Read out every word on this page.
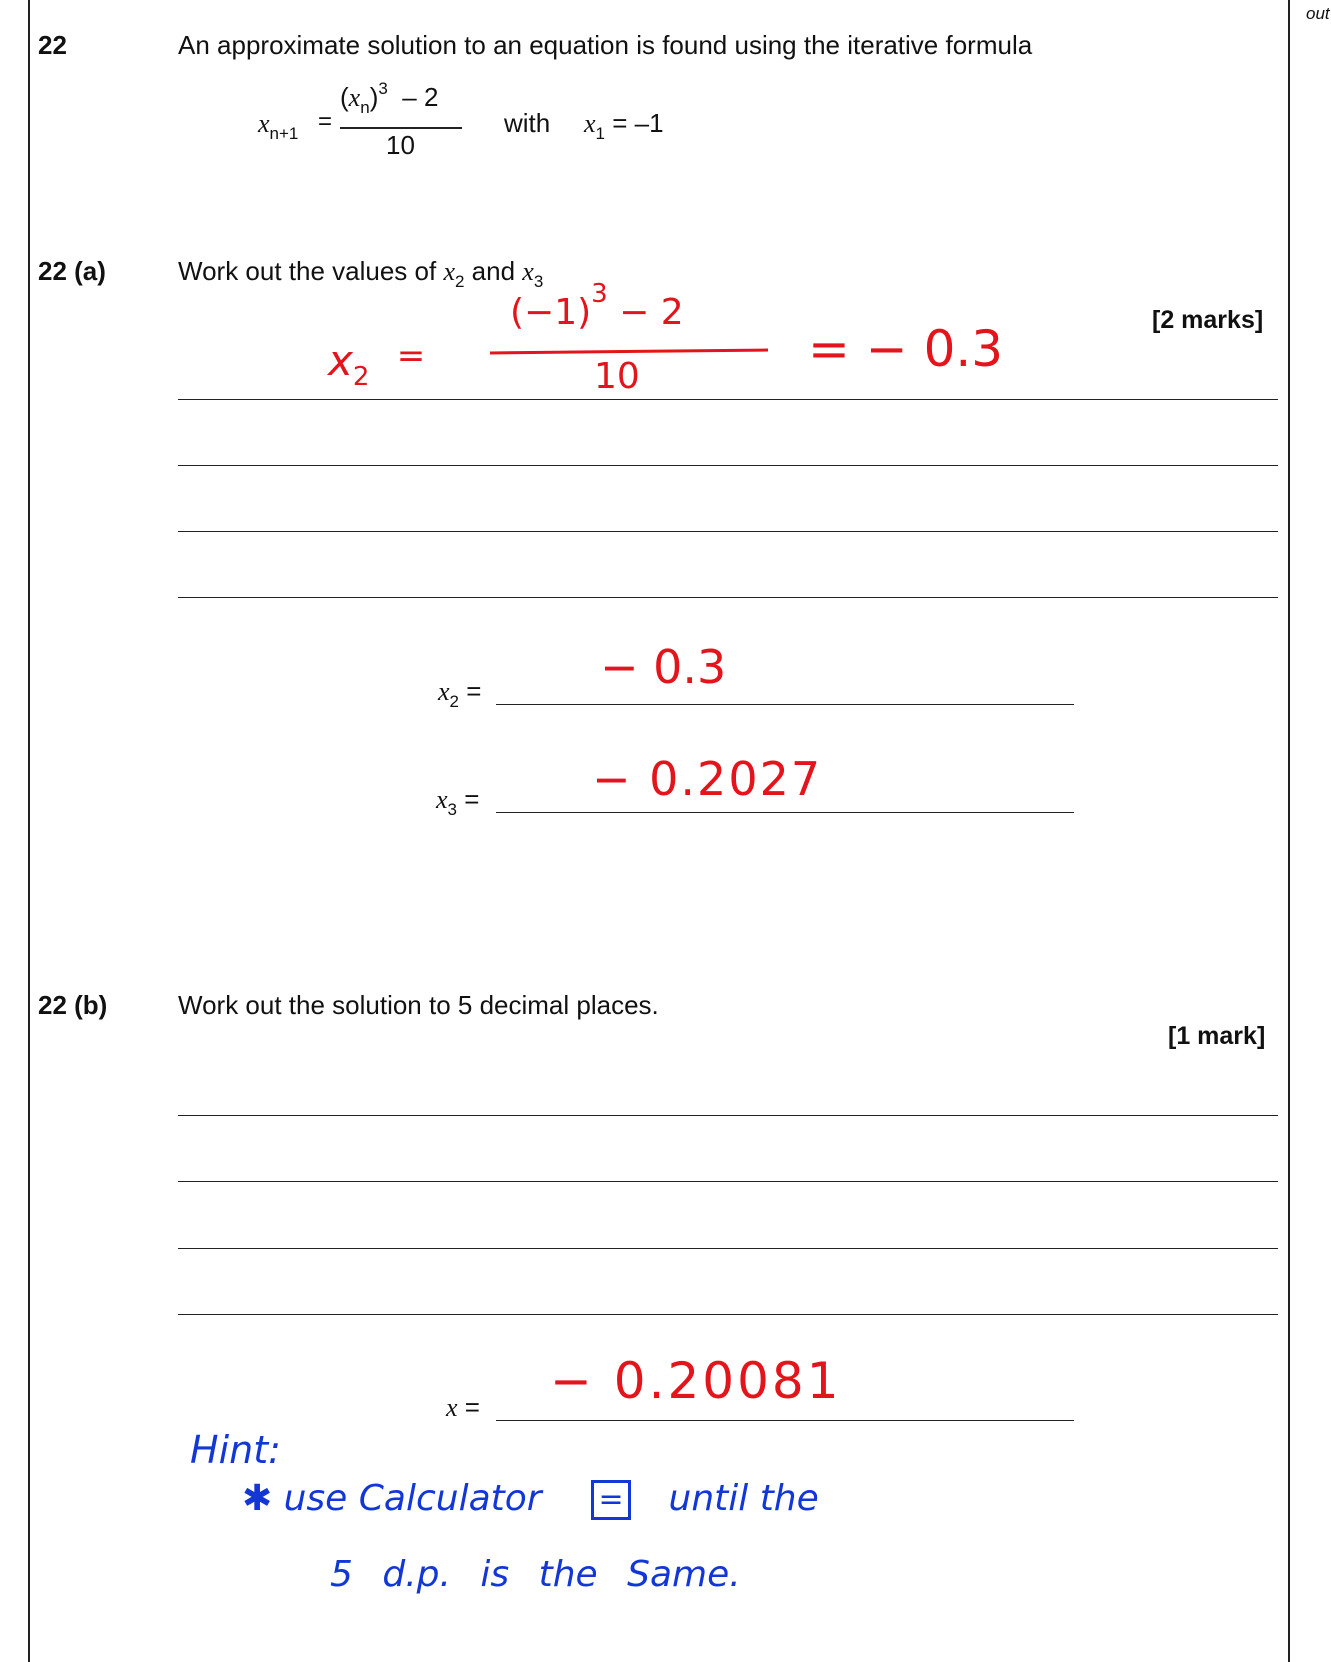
out
22	An approximate solution to an equation is found using the iterative formula
$x_{n+1}$ =
$(x_n)^3 - 2$
10
with $x_1 = -1$
22 (a)	Work out the values of $x_2$ and $x_3$
[2 marks]
$x_2$ =
$(-1)^3 - 2$
10	= − 0.3
$x_2$ =	− 0.3
$x_3$ = − 0.2027
22 (b)	Work out the solution to 5 decimal places.
[1 mark]
x = − 0.20081
Hint:
✱ use Calculator = until the
5 d.p. is the Same.
